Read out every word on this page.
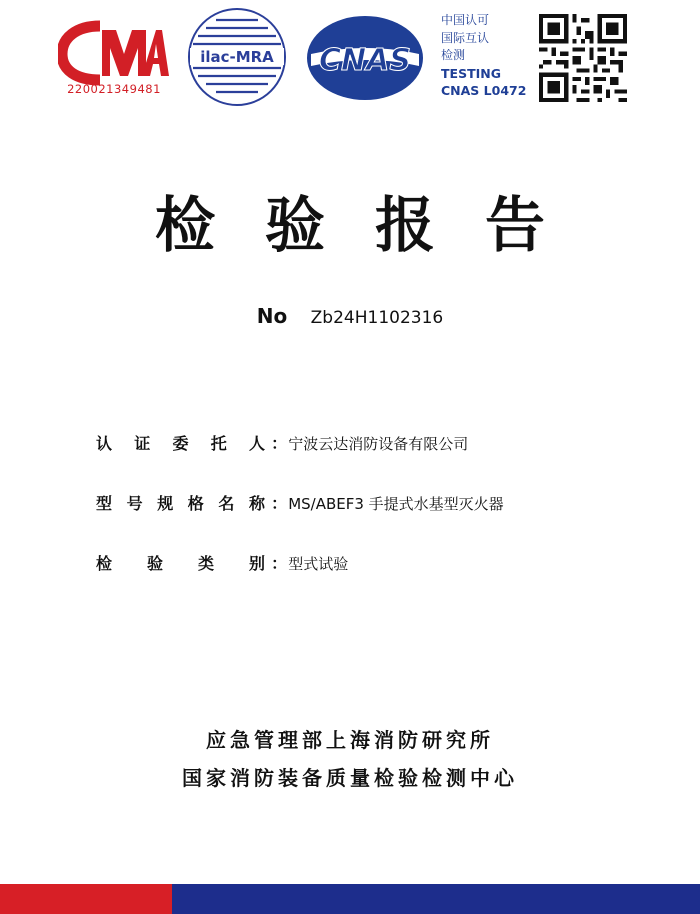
220021349481
ilac-MRA CNAS
中国认可
国际互认
检测
TESTING
CNAS L0472
检验报告
No Zb24H1102316
认证委托人 ： 宁波云达消防设备有限公司
型号规格名称 ： MS/ABEF3 手提式水基型灭火器
检验类别 ： 型式试验
应急管理部上海消防研究所
国家消防装备质量检验检测中心
